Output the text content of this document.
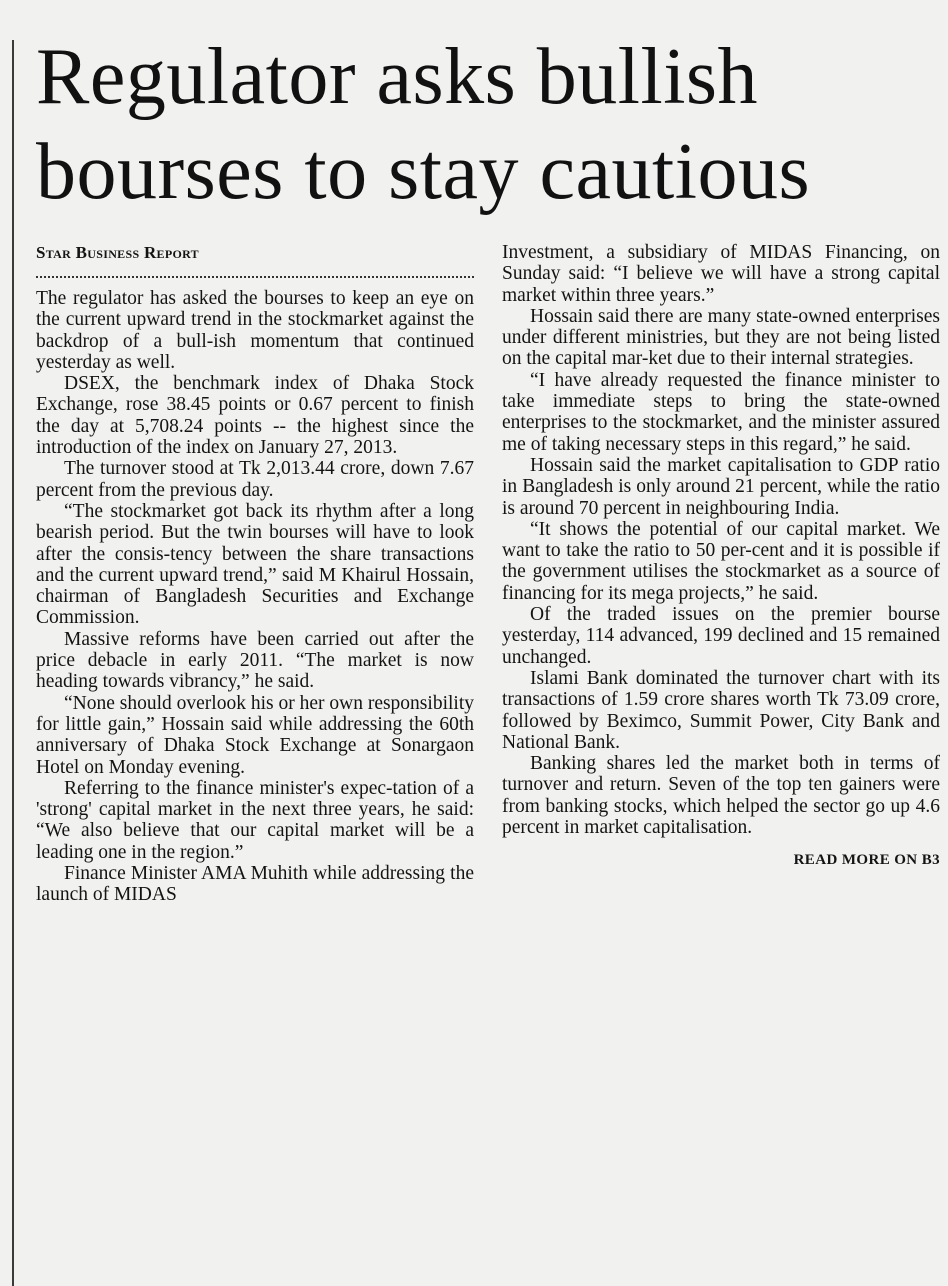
Regulator asks bullish
bourses to stay cautious
Star Business Report

The regulator has asked the bourses to keep an eye on the current upward trend in the stockmarket against the backdrop of a bull-ish momentum that continued yesterday as well.

DSEX, the benchmark index of Dhaka Stock Exchange, rose 38.45 points or 0.67 percent to finish the day at 5,708.24 points -- the highest since the introduction of the index on January 27, 2013.

The turnover stood at Tk 2,013.44 crore, down 7.67 percent from the previous day.

“The stockmarket got back its rhythm after a long bearish period. But the twin bourses will have to look after the consis-tency between the share transactions and the current upward trend,” said M Khairul Hossain, chairman of Bangladesh Securities and Exchange Commission.

Massive reforms have been carried out after the price debacle in early 2011. “The market is now heading towards vibrancy,” he said.

“None should overlook his or her own responsibility for little gain,” Hossain said while addressing the 60th anniversary of Dhaka Stock Exchange at Sonargaon Hotel on Monday evening.

Referring to the finance minister's expec-tation of a 'strong' capital market in the next three years, he said: “We also believe that our capital market will be a leading one in the region.”

Finance Minister AMA Muhith while addressing the launch of MIDAS

Investment, a subsidiary of MIDAS Financing, on Sunday said: “I believe we will have a strong capital market within three years.”

Hossain said there are many state-owned enterprises under different ministries, but they are not being listed on the capital mar-ket due to their internal strategies.

“I have already requested the finance minister to take immediate steps to bring the state-owned enterprises to the stockmarket, and the minister assured me of taking necessary steps in this regard,” he said.

Hossain said the market capitalisation to GDP ratio in Bangladesh is only around 21 percent, while the ratio is around 70 percent in neighbouring India.

“It shows the potential of our capital market. We want to take the ratio to 50 per-cent and it is possible if the government utilises the stockmarket as a source of financing for its mega projects,” he said.

Of the traded issues on the premier bourse yesterday, 114 advanced, 199 declined and 15 remained unchanged.

Islami Bank dominated the turnover chart with its transactions of 1.59 crore shares worth Tk 73.09 crore, followed by Beximco, Summit Power, City Bank and National Bank.

Banking shares led the market both in terms of turnover and return. Seven of the top ten gainers were from banking stocks, which helped the sector go up 4.6 percent in market capitalisation.

READ MORE ON B3
